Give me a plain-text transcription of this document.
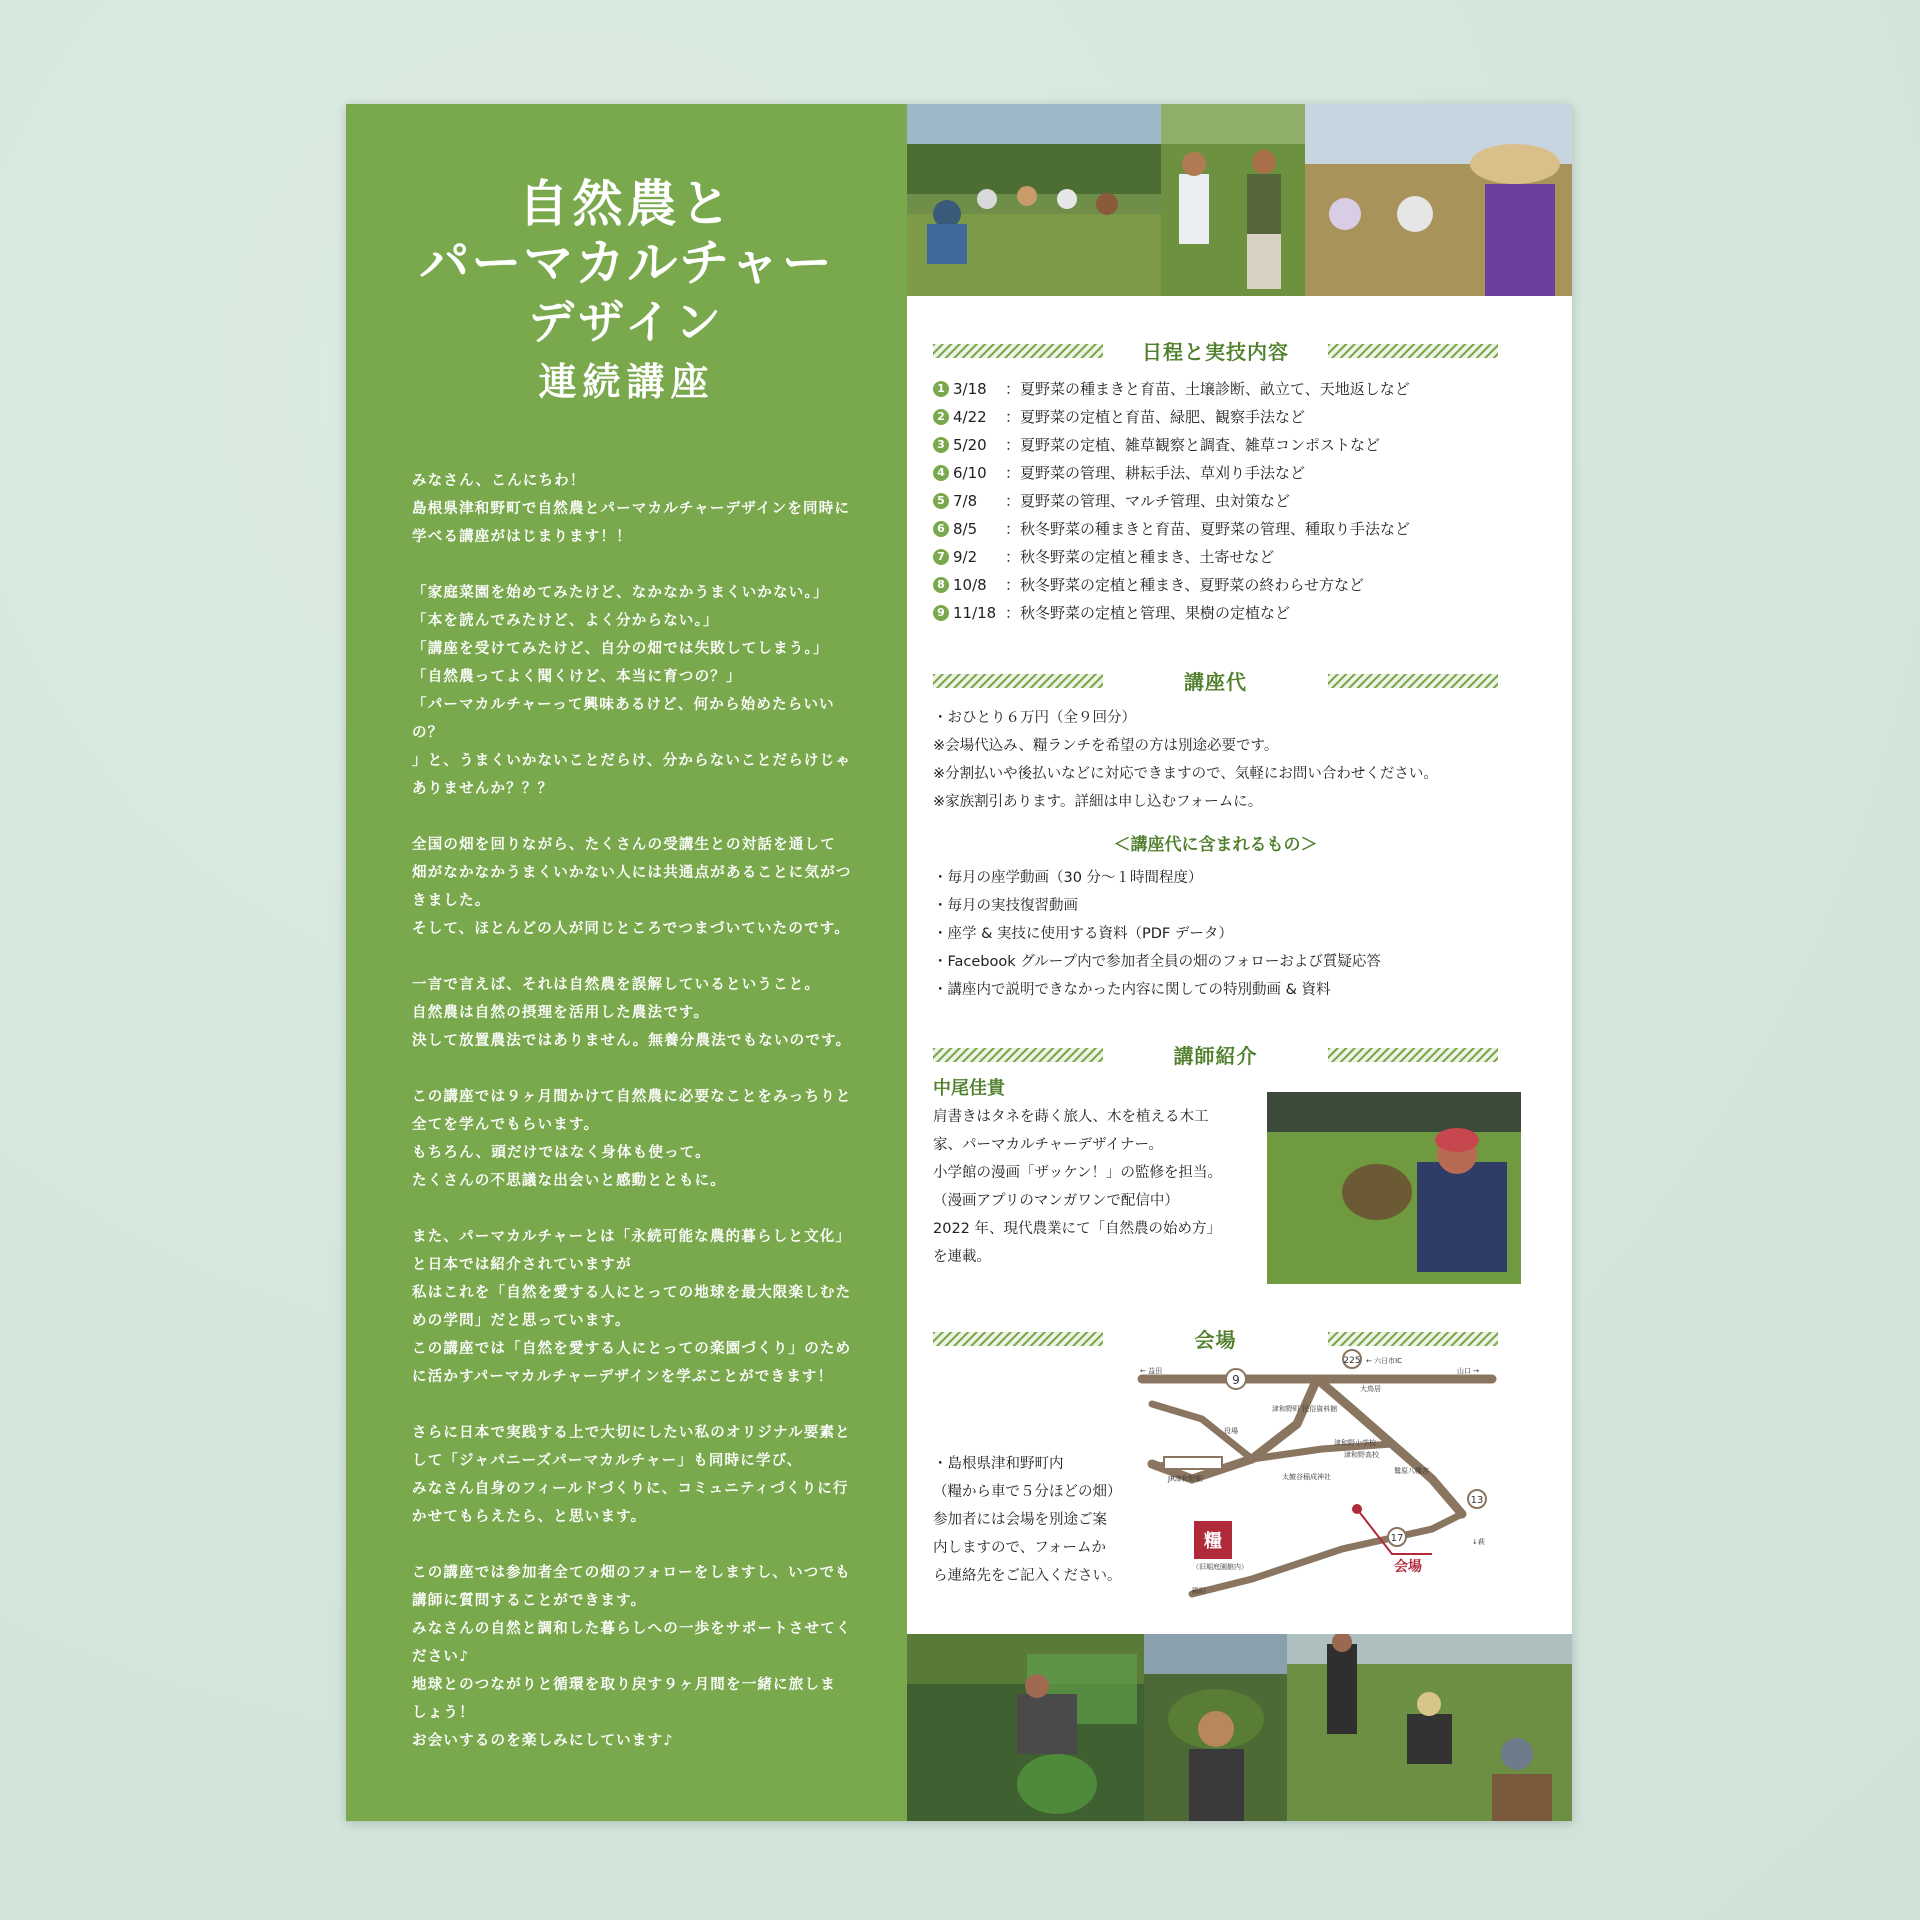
自然農と
パーマカルチャー
デザイン
連続講座
みなさん、こんにちわ！
島根県津和野町で自然農とパーマカルチャーデザインを同時に
学べる講座がはじまります！！

「家庭菜園を始めてみたけど、なかなかうまくいかない。」
「本を読んでみたけど、よく分からない。」
「講座を受けてみたけど、自分の畑では失敗してしまう。」
「自然農ってよく聞くけど、本当に育つの？」
「パーマカルチャーって興味あるけど、何から始めたらいいの？
」と、うまくいかないことだらけ、分からないことだらけじゃ
ありませんか？？？

全国の畑を回りながら、たくさんの受講生との対話を通して
畑がなかなかうまくいかない人には共通点があることに気がつ
きました。
そして、ほとんどの人が同じところでつまづいていたのです。

一言で言えば、それは自然農を誤解しているということ。
自然農は自然の摂理を活用した農法です。
決して放置農法ではありません。無養分農法でもないのです。

この講座では９ヶ月間かけて自然農に必要なことをみっちりと
全てを学んでもらいます。
もちろん、頭だけではなく身体も使って。
たくさんの不思議な出会いと感動とともに。

また、パーマカルチャーとは「永続可能な農的暮らしと文化」
と日本では紹介されていますが
私はこれを「自然を愛する人にとっての地球を最大限楽しむた
めの学問」だと思っています。
この講座では「自然を愛する人にとっての楽園づくり」のため
に活かすパーマカルチャーデザインを学ぶことができます！

さらに日本で実践する上で大切にしたい私のオリジナル要素と
して「ジャパニーズパーマカルチャー」も同時に学び、
みなさん自身のフィールドづくりに、コミュニティづくりに行
かせてもらえたら、と思います。

この講座では参加者全ての畑のフォローをしますし、いつでも
講師に質問することができます。
みなさんの自然と調和した暮らしへの一歩をサポートさせてく
ださい♪
地球とのつながりと循環を取り戻す９ヶ月間を一緒に旅しま
しょう！
お会いするのを楽しみにしています♪
日程と実技内容
1 3/18	：夏野菜の種まきと育苗、土壌診断、畝立て、天地返しなど
2 4/22	：夏野菜の定植と育苗、緑肥、観察手法など
3 5/20	：夏野菜の定植、雑草観察と調査、雑草コンポストなど
4 6/10	：夏野菜の管理、耕耘手法、草刈り手法など
5 7/8	：夏野菜の管理、マルチ管理、虫対策など
6 8/5	：秋冬野菜の種まきと育苗、夏野菜の管理、種取り手法など
7 9/2	：秋冬野菜の定植と種まき、土寄せなど
8 10/8	：秋冬野菜の定植と種まき、夏野菜の終わらせ方など
9 11/18 ：秋冬野菜の定植と管理、果樹の定植など
講座代
・おひとり６万円（全９回分）
※会場代込み、糧ランチを希望の方は別途必要です。
※分割払いや後払いなどに対応できますので、気軽にお問い合わせください。
※家族割引あります。詳細は申し込むフォームに。
＜講座代に含まれるもの＞
・毎月の座学動画（30 分〜１時間程度）
・毎月の実技復習動画
・座学 & 実技に使用する資料（PDF データ）
・Facebook グループ内で参加者全員の畑のフォローおよび質疑応答
・講座内で説明できなかった内容に関しての特別動画 & 資料
講師紹介
中尾佳貴
肩書きはタネを蒔く旅人、木を植える木工
家、パーマカルチャーデザイナー。
小学館の漫画「ザッケン！」の監修を担当。
（漫画アプリのマンガワンで配信中）
2022 年、現代農業にて「自然農の始め方」
を連載。
会場
・島根県津和野町内
（糧から車で５分ほどの畑）
参加者には会場を別途ご案
内しますので、フォームか
ら連絡先をご記入ください。
9
225
13
17
← 六日市IC
← 益田	山口 →
大鳥居
津和野町 民俗資料館
役場
津和野小学校
津和野高校
JR津和野駅	太皷谷稲成神社
鷲原八幡宮
（旧堀庭園館内）
殿町
↓萩
糧
会場
